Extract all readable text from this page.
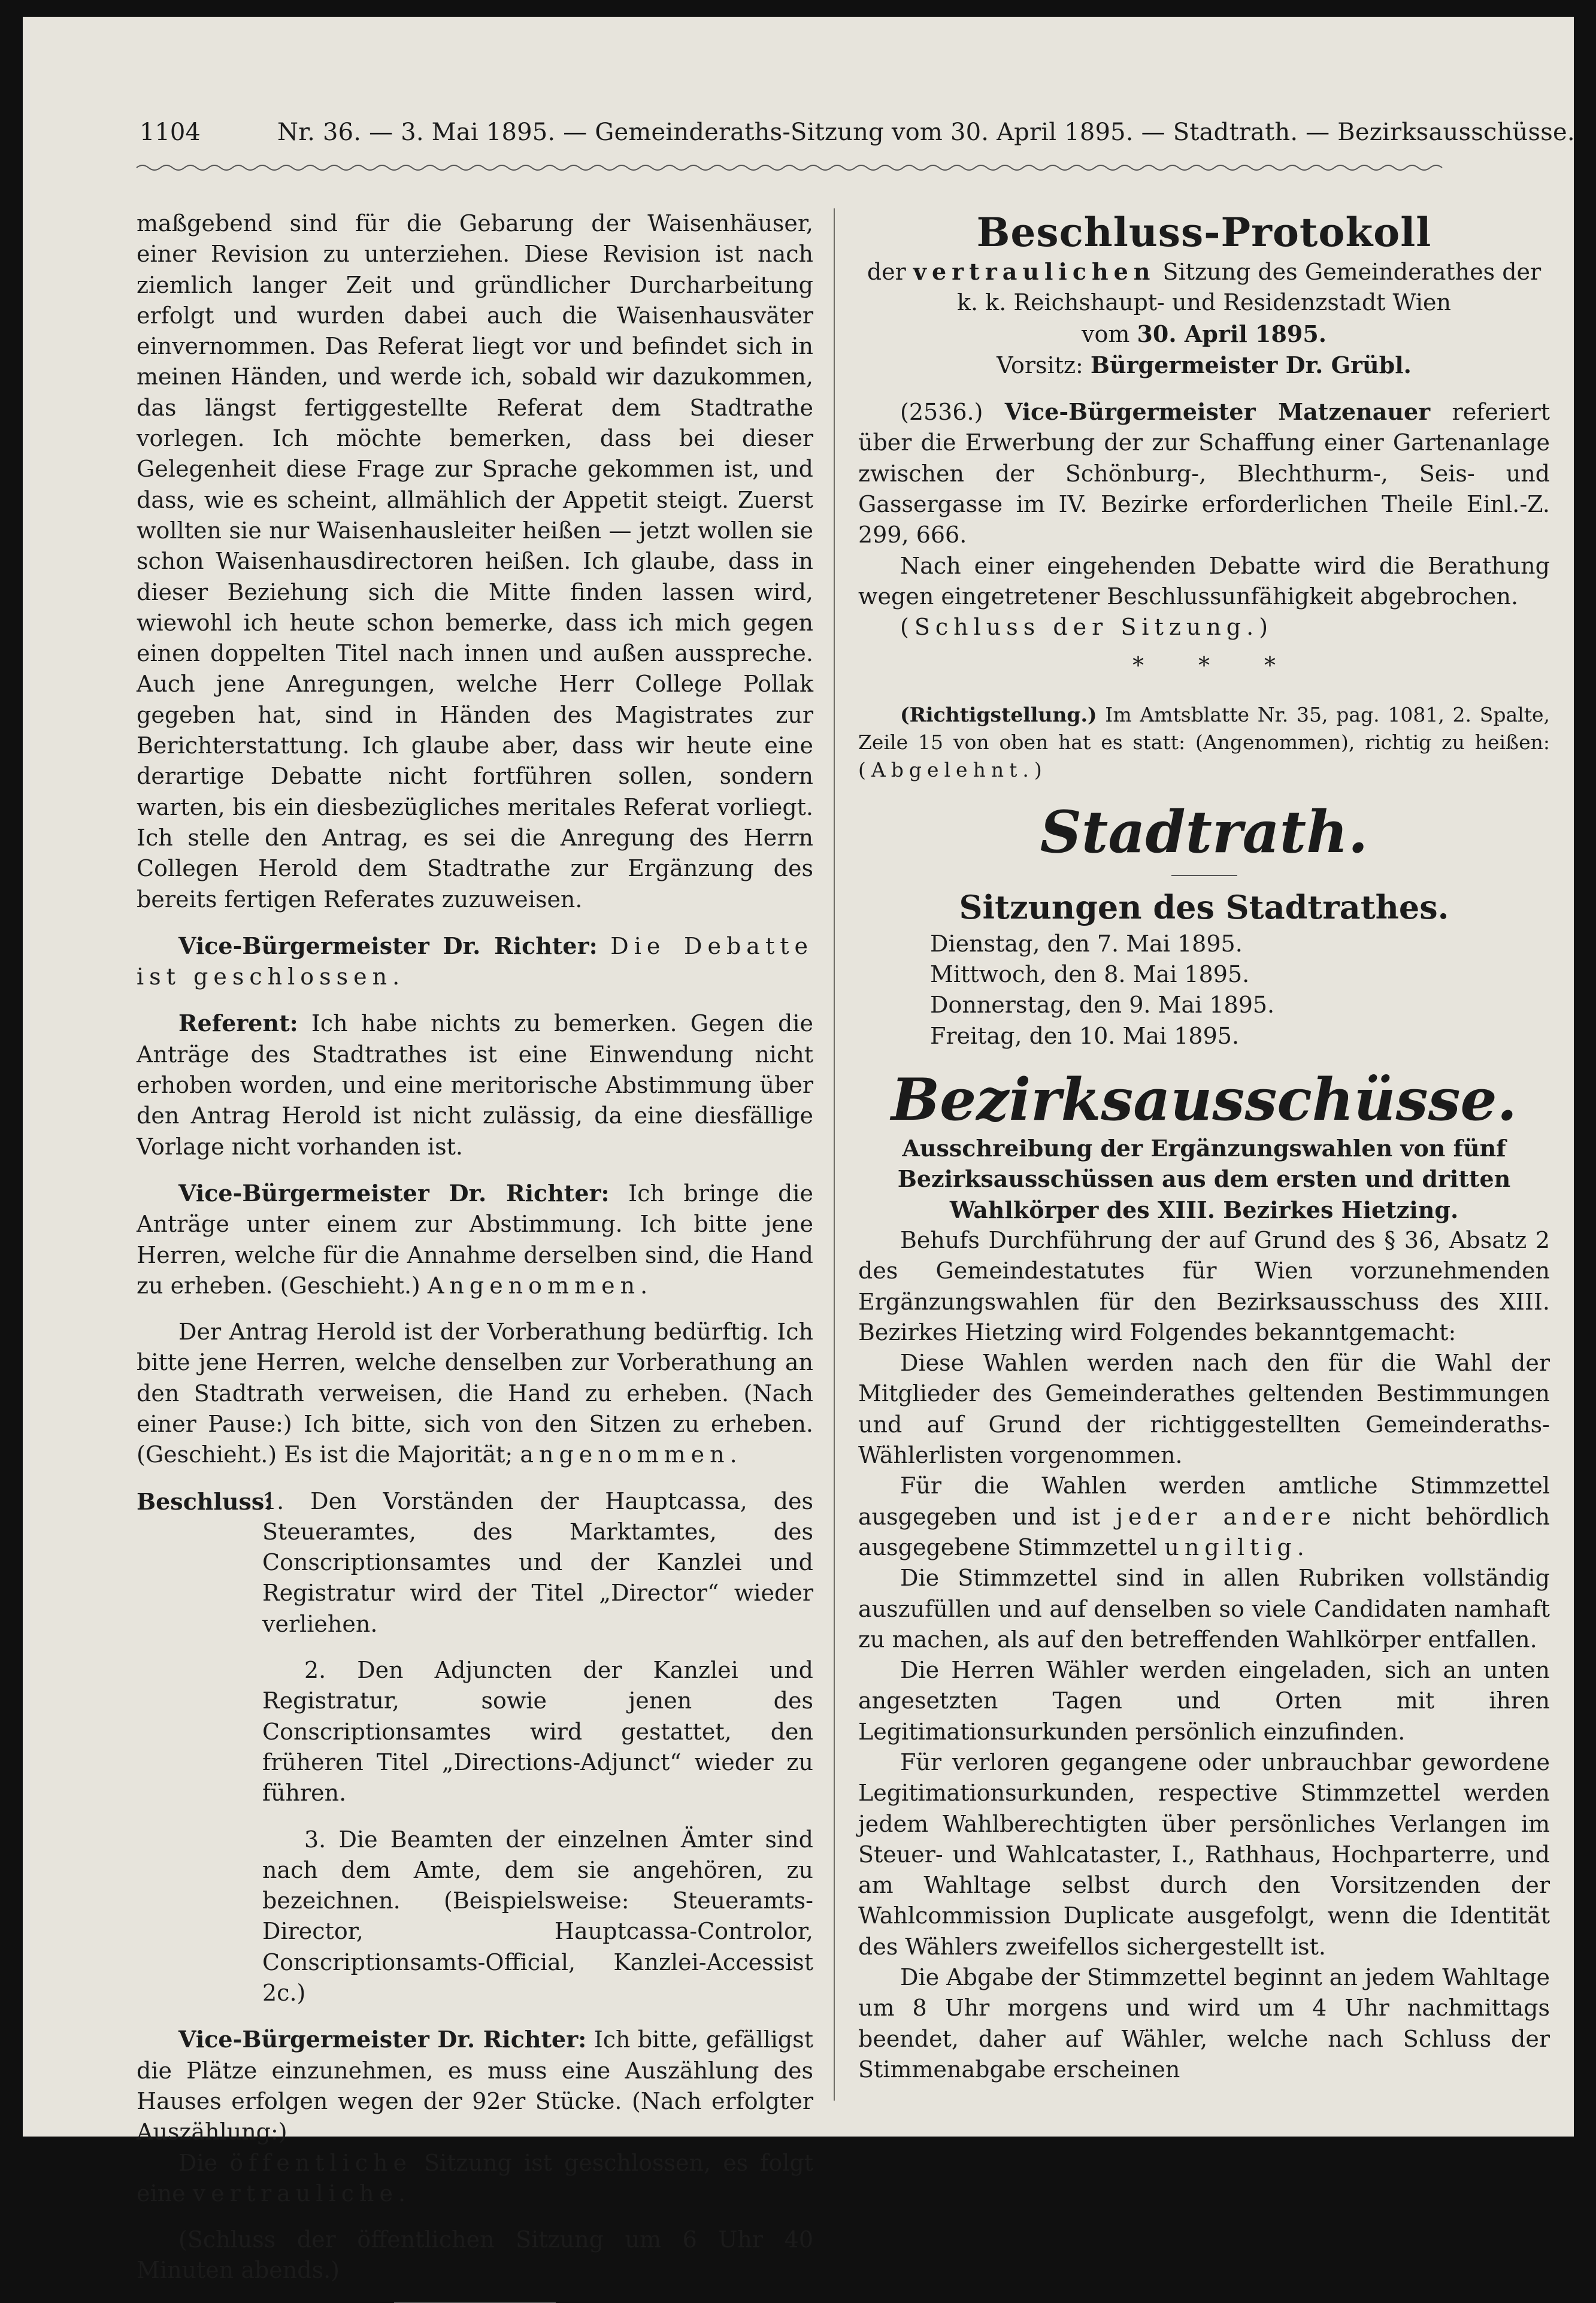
1104	Nr. 36. — 3. Mai 1895. — Gemeinderaths-Sitzung vom 30. April 1895. — Stadtrath. — Bezirksausschüsse.

maßgebend sind für die Gebarung der Waisenhäuser, einer Revision zu unterziehen. Diese Revision ist nach ziemlich langer Zeit und gründlicher Durcharbeitung erfolgt und wurden dabei auch die Waisenhausväter einvernommen. Das Referat liegt vor und befindet sich in meinen Händen, und werde ich, sobald wir dazukommen, das längst fertiggestellte Referat dem Stadtrathe vorlegen. Ich möchte bemerken, dass bei dieser Gelegenheit diese Frage zur Sprache gekommen ist, und dass, wie es scheint, allmählich der Appetit steigt. Zuerst wollten sie nur Waisenhausleiter heißen — jetzt wollen sie schon Waisenhausdirectoren heißen. Ich glaube, dass in dieser Beziehung sich die Mitte finden lassen wird, wiewohl ich heute schon bemerke, dass ich mich gegen einen doppelten Titel nach innen und außen ausspreche. Auch jene Anregungen, welche Herr College Pollak gegeben hat, sind in Händen des Magistrates zur Berichterstattung. Ich glaube aber, dass wir heute eine derartige Debatte nicht fortführen sollen, sondern warten, bis ein diesbezügliches meritales Referat vorliegt. Ich stelle den Antrag, es sei die Anregung des Herrn Collegen Herold dem Stadtrathe zur Ergänzung des bereits fertigen Referates zuzuweisen.

Vice-Bürgermeister Dr. Richter: Die Debatte ist geschlossen.

Referent: Ich habe nichts zu bemerken. Gegen die Anträge des Stadtrathes ist eine Einwendung nicht erhoben worden, und eine meritorische Abstimmung über den Antrag Herold ist nicht zulässig, da eine diesfällige Vorlage nicht vorhanden ist.

Vice-Bürgermeister Dr. Richter: Ich bringe die Anträge unter einem zur Abstimmung. Ich bitte jene Herren, welche für die Annahme derselben sind, die Hand zu erheben. (Geschieht.) Angenommen.

Der Antrag Herold ist der Vorberathung bedürftig. Ich bitte jene Herren, welche denselben zur Vorberathung an den Stadtrath verweisen, die Hand zu erheben. (Nach einer Pause:) Ich bitte, sich von den Sitzen zu erheben. (Geschieht.) Es ist die Majorität; angenommen.

Beschluss:

1. Den Vorständen der Hauptcassa, des Steueramtes, des Marktamtes, des Conscriptionsamtes und der Kanzlei und Registratur wird der Titel „Director“ wieder verliehen.

2. Den Adjuncten der Kanzlei und Registratur, sowie jenen des Conscriptionsamtes wird gestattet, den früheren Titel „Directions-Adjunct“ wieder zu führen.

3. Die Beamten der einzelnen Ämter sind nach dem Amte, dem sie angehören, zu bezeichnen. (Beispielsweise: Steueramts-Director, Hauptcassa-Controlor, Conscriptionsamts-Official, Kanzlei-Accessist 2c.)

Vice-Bürgermeister Dr. Richter: Ich bitte, gefälligst die Plätze einzunehmen, es muss eine Auszählung des Hauses erfolgen wegen der 92er Stücke. (Nach erfolgter Auszählung:)

Die öffentliche Sitzung ist geschlossen, es folgt eine vertrauliche.

(Schluss der öffentlichen Sitzung um 6 Uhr 40 Minuten abends.)

Beschluss-Protokoll

der vertraulichen Sitzung des Gemeinderathes der

k. k. Reichshaupt- und Residenzstadt Wien

vom 30. April 1895.

Vorsitz: Bürgermeister Dr. Grübl.

(2536.) Vice-Bürgermeister Matzenauer referiert über die Erwerbung der zur Schaffung einer Gartenanlage zwischen der Schönburg-, Blechthurm-, Seis- und Gassergasse im IV. Bezirke erforderlichen Theile Einl.-Z. 299, 666.

Nach einer eingehenden Debatte wird die Berathung wegen eingetretener Beschlussunfähigkeit abgebrochen.

(Schluss der Sitzung.)

* * *

(Richtigstellung.) Im Amtsblatte Nr. 35, pag. 1081, 2. Spalte, Zeile 15 von oben hat es statt: (Angenommen), richtig zu heißen: (Abgelehnt.)

Stadtrath.

Sitzungen des Stadtrathes.

Dienstag, den 7. Mai 1895.

Mittwoch, den 8. Mai 1895.

Donnerstag, den 9. Mai 1895.

Freitag, den 10. Mai 1895.

Bezirksausschüsse.

Ausschreibung der Ergänzungswahlen von fünf Bezirksausschüssen aus dem ersten und dritten Wahlkörper des XIII. Bezirkes Hietzing.

Behufs Durchführung der auf Grund des § 36, Absatz 2 des Gemeindestatutes für Wien vorzunehmenden Ergänzungswahlen für den Bezirksausschuss des XIII. Bezirkes Hietzing wird Folgendes bekanntgemacht:

Diese Wahlen werden nach den für die Wahl der Mitglieder des Gemeinderathes geltenden Bestimmungen und auf Grund der richtiggestellten Gemeinderaths-Wählerlisten vorgenommen.

Für die Wahlen werden amtliche Stimmzettel ausgegeben und ist jeder andere nicht behördlich ausgegebene Stimmzettel ungiltig.

Die Stimmzettel sind in allen Rubriken vollständig auszufüllen und auf denselben so viele Candidaten namhaft zu machen, als auf den betreffenden Wahlkörper entfallen.

Die Herren Wähler werden eingeladen, sich an unten angesetzten Tagen und Orten mit ihren Legitimationsurkunden persönlich einzufinden.

Für verloren gegangene oder unbrauchbar gewordene Legitimationsurkunden, respective Stimmzettel werden jedem Wahlberechtigten über persönliches Verlangen im Steuer- und Wahlcataster, I., Rathhaus, Hochparterre, und am Wahltage selbst durch den Vorsitzenden der Wahlcommission Duplicate ausgefolgt, wenn die Identität des Wählers zweifellos sichergestellt ist.

Die Abgabe der Stimmzettel beginnt an jedem Wahltage um 8 Uhr morgens und wird um 4 Uhr nachmittags beendet, daher auf Wähler, welche nach Schluss der Stimmenabgabe erscheinen
